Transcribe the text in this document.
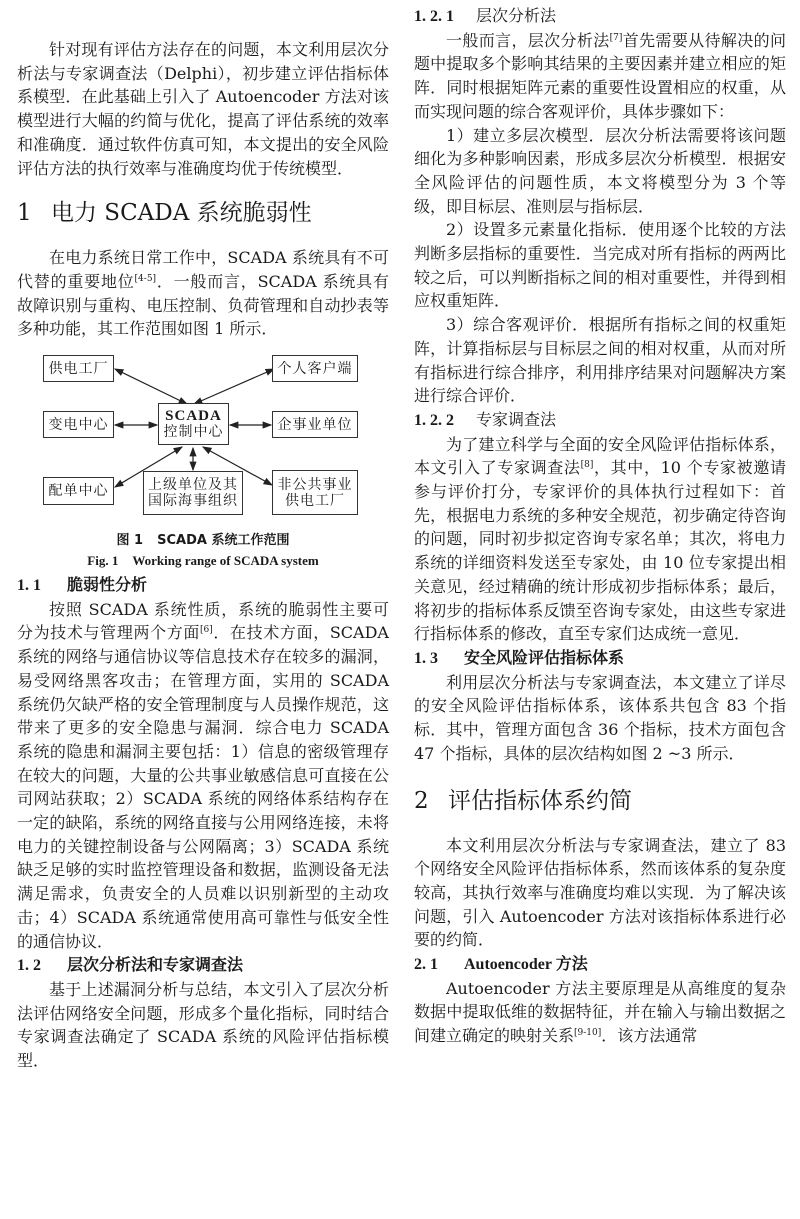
针对现有评估方法存在的问题，本文利用层次分析法与专家调查法（Delphi），初步建立评估指标体系模型．在此基础上引入了 Autoencoder 方法对该模型进行大幅的约简与优化，提高了评估系统的效率和准确度．通过软件仿真可知，本文提出的安全风险评估方法的执行效率与准确度均优于传统模型．

1 电力 SCADA 系统脆弱性

在电力系统日常工作中，SCADA 系统具有不可代替的重要地位[4-5]．一般而言，SCADA 系统具有故障识别与重构、电压控制、负荷管理和自动抄表等多种功能，其工作范围如图 1 所示．

供电工厂	个人客户端
SCADA
控制中心
变电中心	企事业单位
配单中心	上级单位及其
国际海事组织
非公共事业
供电工厂
图 1 SCADA 系统工作范围
Fig. 1 Working range of SCADA system
1. 1 脆弱性分析

按照 SCADA 系统性质，系统的脆弱性主要可分为技术与管理两个方面[6]．在技术方面，SCADA 系统的网络与通信协议等信息技术存在较多的漏洞，易受网络黑客攻击；在管理方面，实用的 SCADA 系统仍欠缺严格的安全管理制度与人员操作规范，这带来了更多的安全隐患与漏洞．综合电力 SCADA 系统的隐患和漏洞主要包括：1）信息的密级管理存在较大的问题，大量的公共事业敏感信息可直接在公司网站获取；2）SCADA 系统的网络体系结构存在一定的缺陷，系统的网络直接与公用网络连接，未将电力的关键控制设备与公网隔离；3）SCADA 系统缺乏足够的实时监控管理设备和数据，监测设备无法满足需求，负责安全的人员难以识别新型的主动攻击；4）SCADA 系统通常使用高可靠性与低安全性的通信协议．

1. 2 层次分析法和专家调查法

基于上述漏洞分析与总结，本文引入了层次分析法评估网络安全问题，形成多个量化指标，同时结合专家调查法确定了 SCADA 系统的风险评估指标模型．

1. 2. 1 层次分析法

一般而言，层次分析法[7]首先需要从待解决的问题中提取多个影响其结果的主要因素并建立相应的矩阵．同时根据矩阵元素的重要性设置相应的权重，从而实现问题的综合客观评价，具体步骤如下：

1）建立多层次模型．层次分析法需要将该问题细化为多种影响因素，形成多层次分析模型．根据安全风险评估的问题性质，本文将模型分为 3 个等级，即目标层、准则层与指标层．

2）设置多元素量化指标．使用逐个比较的方法判断多层指标的重要性．当完成对所有指标的两两比较之后，可以判断指标之间的相对重要性，并得到相应权重矩阵．

3）综合客观评价．根据所有指标之间的权重矩阵，计算指标层与目标层之间的相对权重，从而对所有指标进行综合排序，利用排序结果对问题解决方案进行综合评价．

1. 2. 2 专家调查法

为了建立科学与全面的安全风险评估指标体系，本文引入了专家调查法[8]，其中，10 个专家被邀请参与评价打分，专家评价的具体执行过程如下：首先，根据电力系统的多种安全规范，初步确定待咨询的问题，同时初步拟定咨询专家名单；其次，将电力系统的详细资料发送至专家处，由 10 位专家提出相关意见，经过精确的统计形成初步指标体系；最后，将初步的指标体系反馈至咨询专家处，由这些专家进行指标体系的修改，直至专家们达成统一意见．

1. 3 安全风险评估指标体系

利用层次分析法与专家调查法，本文建立了详尽的安全风险评估指标体系，该体系共包含 83 个指标．其中，管理方面包含 36 个指标，技术方面包含 47 个指标，具体的层次结构如图 2 ~3 所示．

2 评估指标体系约简

本文利用层次分析法与专家调查法，建立了 83 个网络安全风险评估指标体系，然而该体系的复杂度较高，其执行效率与准确度均难以实现．为了解决该问题，引入 Autoencoder 方法对该指标体系进行必要的约简．

2. 1 Autoencoder 方法

Autoencoder 方法主要原理是从高维度的复杂数据中提取低维的数据特征，并在输入与输出数据之间建立确定的映射关系[9-10]．该方法通常
